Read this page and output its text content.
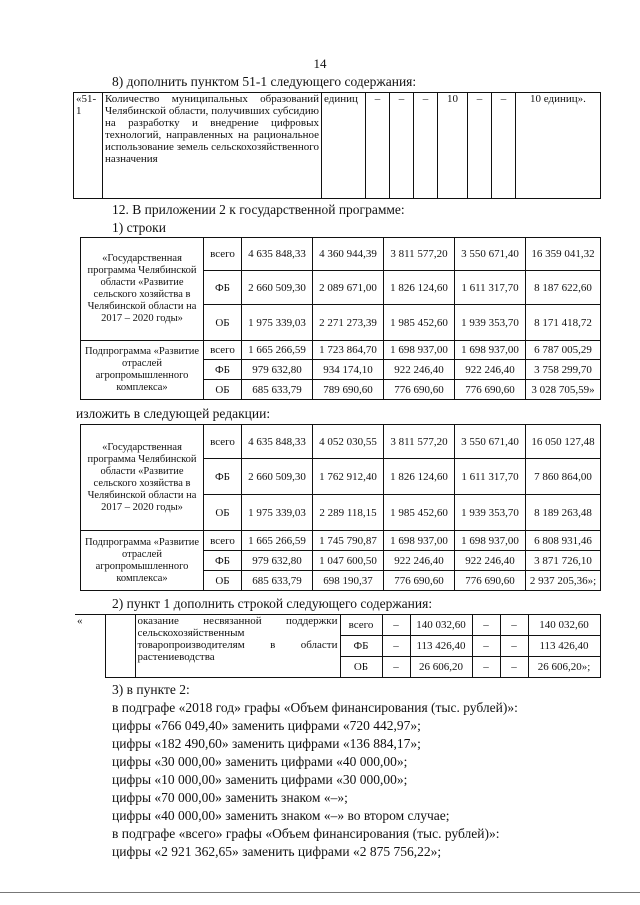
14
8) дополнить пунктом 51-1 следующего содержания:
«51-1	Количество муниципальных образований Челябинской области, получивших субсидию на разработку и внедрение цифровых технологий, направленных на рациональное использование земель сельскохозяйственного назначения	единиц	–	–	–	10	–	–	10 единиц».
12. В приложении 2 к государственной программе:
1) строки
«Государственная программа Челябинской области «Развитие сельского хозяйства в Челябинской области на 2017 – 2020 годы»	всего	4 635 848,33	4 360 944,39	3 811 577,20	3 550 671,40	16 359 041,32
	ФБ	2 660 509,30	2 089 671,00	1 826 124,60	1 611 317,70	8 187 622,60
	ОБ	1 975 339,03	2 271 273,39	1 985 452,60	1 939 353,70	8 171 418,72
Подпрограмма «Развитие отраслей агропромышленного комплекса»	всего	1 665 266,59	1 723 864,70	1 698 937,00	1 698 937,00	6 787 005,29
	ФБ	979 632,80	934 174,10	922 246,40	922 246,40	3 758 299,70
	ОБ	685 633,79	789 690,60	776 690,60	776 690,60	3 028 705,59»
изложить в следующей редакции:
«Государственная программа Челябинской области «Развитие сельского хозяйства в Челябинской области на 2017 – 2020 годы»	всего	4 635 848,33	4 052 030,55	3 811 577,20	3 550 671,40	16 050 127,48
	ФБ	2 660 509,30	1 762 912,40	1 826 124,60	1 611 317,70	7 860 864,00
	ОБ	1 975 339,03	2 289 118,15	1 985 452,60	1 939 353,70	8 189 263,48
Подпрограмма «Развитие отраслей агропромышленного комплекса»	всего	1 665 266,59	1 745 790,87	1 698 937,00	1 698 937,00	6 808 931,46
	ФБ	979 632,80	1 047 600,50	922 246,40	922 246,40	3 871 726,10
	ОБ	685 633,79	698 190,37	776 690,60	776 690,60	2 937 205,36»;
2) пункт 1 дополнить строкой следующего содержания:
«		оказание несвязанной поддержки сельскохозяйственным товаропроизводителям в области растениеводства	всего	–	140 032,60	–	–	140 032,60
			ФБ	–	113 426,40	–	–	113 426,40
			ОБ	–	26 606,20	–	–	26 606,20»;
3) в пункте 2:
в подграфе «2018 год» графы «Объем финансирования (тыс. рублей)»:
цифры «766 049,40» заменить цифрами «720 442,97»;
цифры «182 490,60» заменить цифрами «136 884,17»;
цифры «30 000,00» заменить цифрами «40 000,00»;
цифры «10 000,00» заменить цифрами «30 000,00»;
цифры «70 000,00» заменить знаком «–»;
цифры «40 000,00» заменить знаком «–» во втором случае;
в подграфе «всего» графы «Объем финансирования (тыс. рублей)»:
цифры «2 921 362,65» заменить цифрами «2 875 756,22»;
